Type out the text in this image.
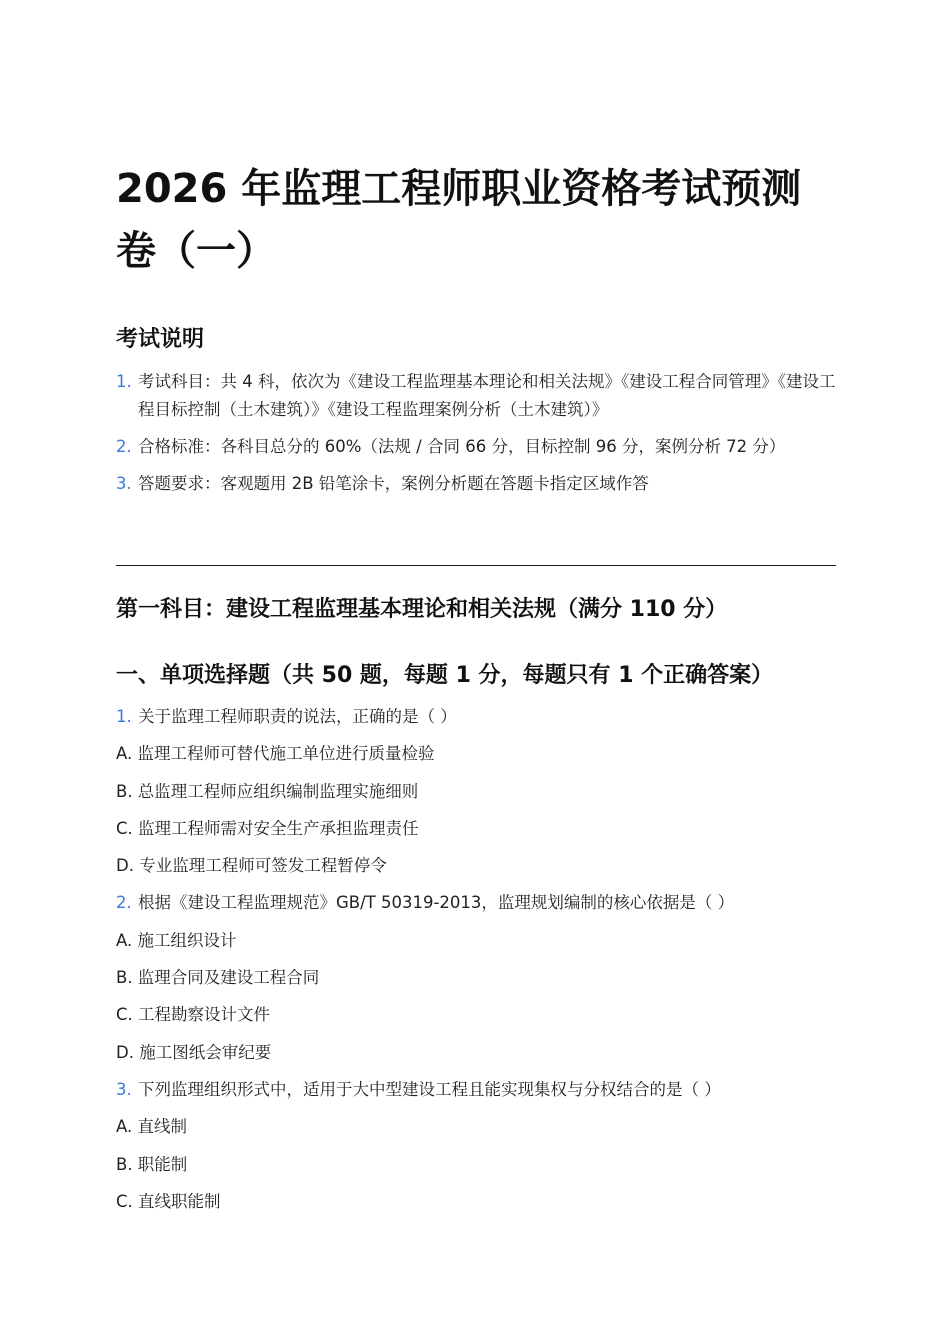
2026 年监理工程师职业资格考试预测卷（一）
考试说明
1. 考试科目：共 4 科，依次为《建设工程监理基本理论和相关法规》《建设工程合同管理》《建设工程目标控制（土木建筑）》《建设工程监理案例分析（土木建筑）》
2. 合格标准：各科目总分的 60%（法规 / 合同 66 分，目标控制 96 分，案例分析 72 分）
3. 答题要求：客观题用 2B 铅笔涂卡，案例分析题在答题卡指定区域作答
第一科目：建设工程监理基本理论和相关法规（满分 110 分）
一、单项选择题（共 50 题，每题 1 分，每题只有 1 个正确答案）
1. 关于监理工程师职责的说法，正确的是（ ）
A. 监理工程师可替代施工单位进行质量检验
B. 总监理工程师应组织编制监理实施细则
C. 监理工程师需对安全生产承担监理责任
D. 专业监理工程师可签发工程暂停令
2. 根据《建设工程监理规范》GB/T 50319-2013，监理规划编制的核心依据是（ ）
A. 施工组织设计
B. 监理合同及建设工程合同
C. 工程勘察设计文件
D. 施工图纸会审纪要
3. 下列监理组织形式中，适用于大中型建设工程且能实现集权与分权结合的是（ ）
A. 直线制
B. 职能制
C. 直线职能制
